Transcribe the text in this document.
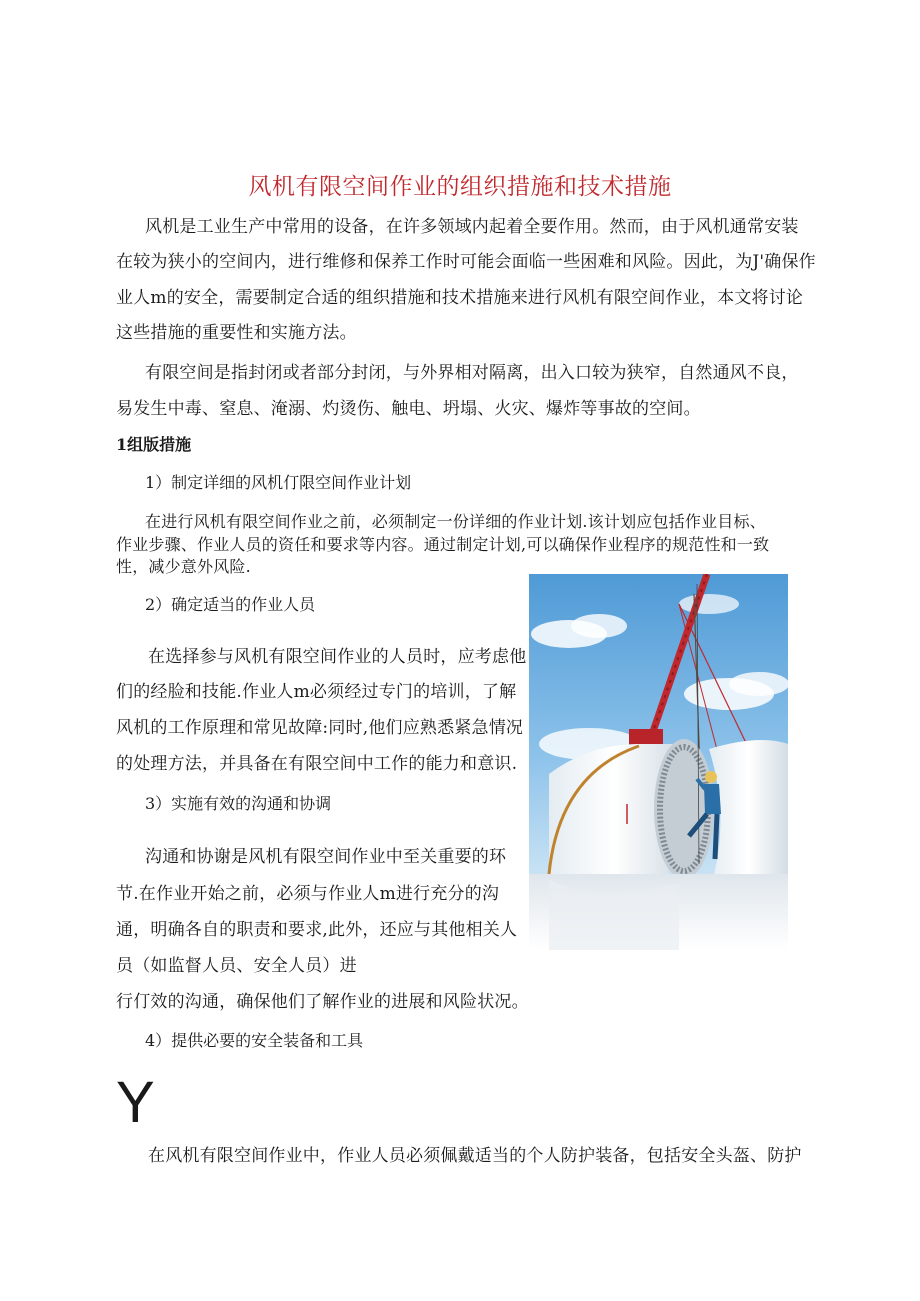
风机有限空间作业的组织措施和技术措施
风机是工业生产中常用的设备，在许多领域内起着全要作用。然而，由于风机通常安装
在较为狭小的空间内，进行维修和保养工作时可能会面临一些困难和风险。因此，为J'确保作
业人m的安全，需要制定合适的组织措施和技术措施来进行风机有限空间作业，本文将讨论
这些措施的重要性和实施方法。
有限空间是指封闭或者部分封闭，与外界相对隔离，出入口较为狭窄，自然通风不良，
易发生中毒、窒息、淹溺、灼烫伤、触电、坍塌、火灾、爆炸等事故的空间。
1组版措施
1）制定详细的风机仃限空间作业计划
在进行风机有限空间作业之前，必须制定一份详细的作业计划.该计划应包括作业目标、
作业步骤、作业人员的资任和要求等内容。通过制定计划,可以确保作业程序的规范性和一致
性，减少意外风险.
2）确定适当的作业人员
在选择参与风机有限空间作业的人员时，应考虑他
们的经脸和技能.作业人m必须经过专门的培训，了解
风机的工作原理和常见故障:同时,他们应熟悉紧急情况
的处理方法，并具备在有限空间中工作的能力和意识.
3）实施有效的沟通和协调
沟通和协谢是风机有限空间作业中至关重要的环
节.在作业开始之前，必须与作业人m进行充分的沟
通，明确各自的职责和要求,此外，还应与其他相关人
员（如监督人员、安全人员）进
行仃效的沟通，确保他们了解作业的进展和风险状况。
4）提供必要的安全装备和工具
Y
在风机有限空间作业中，作业人员必须佩戴适当的个人防护装备，包括安全头盔、防护
